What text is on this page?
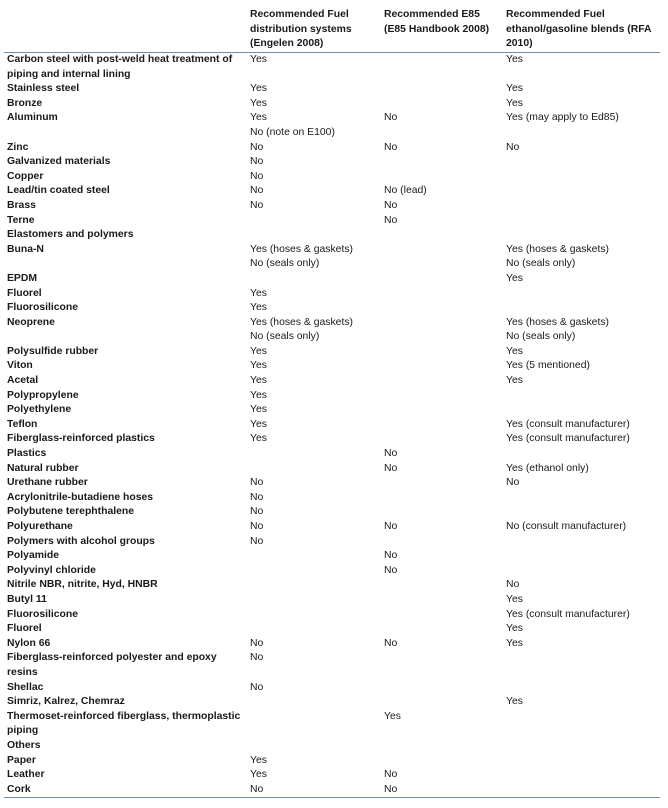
	Recommended Fuel distribution systems (Engelen 2008)	Recommended E85 (E85 Handbook 2008)	Recommended Fuel ethanol/gasoline blends (RFA 2010)
Carbon steel with post-weld heat treatment of piping and internal lining	Yes		Yes
Stainless steel	Yes		Yes
Bronze	Yes		Yes
Aluminum	Yes	No	Yes (may apply to Ed85)
	No (note on E100)		
Zinc	No	No	No
Galvanized materials	No		
Copper	No		
Lead/tin coated steel	No	No (lead)	
Brass	No	No	
Terne		No	
Elastomers and polymers			
Buna-N	Yes (hoses & gaskets)		Yes (hoses & gaskets)
	No (seals only)		No (seals only)
EPDM			Yes
Fluorel	Yes		
Fluorosilicone	Yes		
Neoprene	Yes (hoses & gaskets)		Yes (hoses & gaskets)
	No (seals only)		No (seals only)
Polysulfide rubber	Yes		Yes
Viton	Yes		Yes (5 mentioned)
Acetal	Yes		Yes
Polypropylene	Yes		
Polyethylene	Yes		
Teflon	Yes		Yes (consult manufacturer)
Fiberglass-reinforced plastics	Yes		Yes (consult manufacturer)
Plastics		No	
Natural rubber		No	Yes (ethanol only)
Urethane rubber	No		No
Acrylonitrile-butadiene hoses	No		
Polybutene terephthalene	No		
Polyurethane	No	No	No (consult manufacturer)
Polymers with alcohol groups	No		
Polyamide		No	
Polyvinyl chloride		No	
Nitrile NBR, nitrite, Hyd, HNBR			No
Butyl 11			Yes
Fluorosilicone			Yes (consult manufacturer)
Fluorel			Yes
Nylon 66	No	No	Yes
Fiberglass-reinforced polyester and epoxy resins	No		
Shellac	No		
Simriz, Kalrez, Chemraz			Yes
Thermoset-reinforced fiberglass, thermoplastic piping		Yes	
Others			
Paper	Yes		
Leather	Yes	No	
Cork	No	No	
